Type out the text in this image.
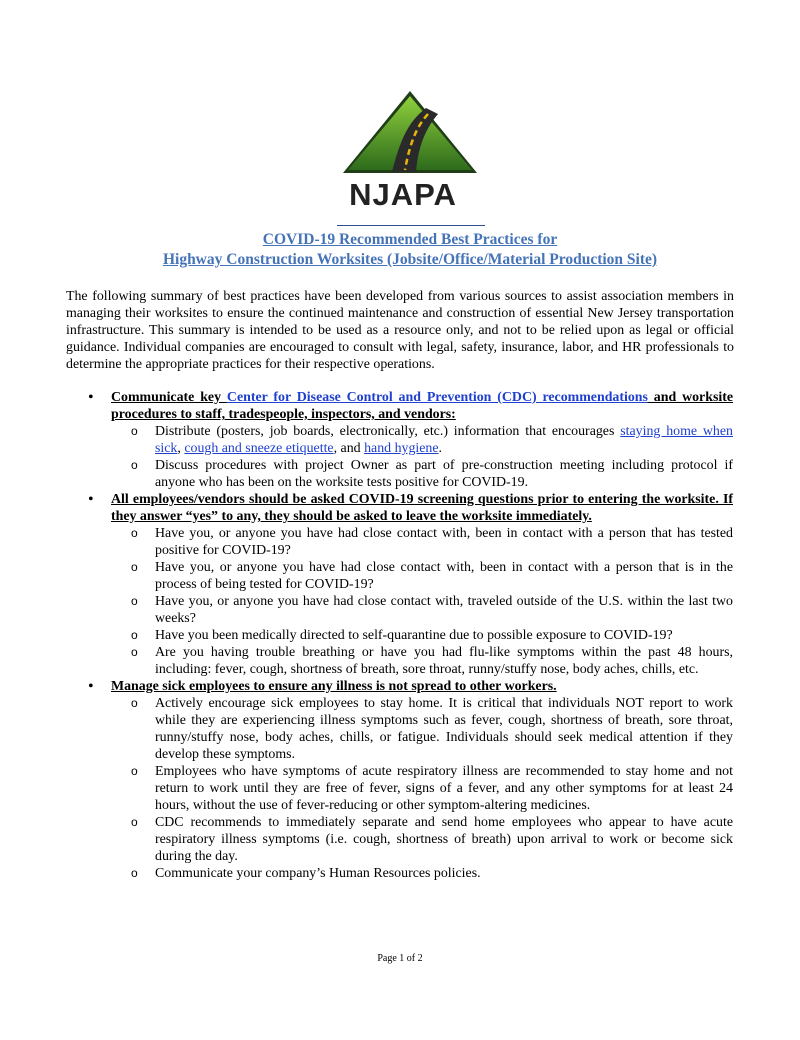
NJAPA
COVID-19 Recommended Best Practices for
Highway Construction Worksites (Jobsite/Office/Material Production Site)

The following summary of best practices have been developed from various sources to assist association members in managing their worksites to ensure the continued maintenance and construction of essential New Jersey transportation infrastructure. This summary is intended to be used as a resource only, and not to be relied upon as legal or official guidance. Individual companies are encouraged to consult with legal, safety, insurance, labor, and HR professionals to determine the appropriate practices for their respective operations.

• Communicate key Center for Disease Control and Prevention (CDC) recommendations and worksite procedures to staff, tradespeople, inspectors, and vendors:
o Distribute (posters, job boards, electronically, etc.) information that encourages staying home when sick, cough and sneeze etiquette, and hand hygiene.
o Discuss procedures with project Owner as part of pre-construction meeting including protocol if anyone who has been on the worksite tests positive for COVID-19.
• All employees/vendors should be asked COVID-19 screening questions prior to entering the worksite. If they answer “yes” to any, they should be asked to leave the worksite immediately.
o Have you, or anyone you have had close contact with, been in contact with a person that has tested positive for COVID-19?
o Have you, or anyone you have had close contact with, been in contact with a person that is in the process of being tested for COVID-19?
o Have you, or anyone you have had close contact with, traveled outside of the U.S. within the last two weeks?
o Have you been medically directed to self-quarantine due to possible exposure to COVID-19?
o Are you having trouble breathing or have you had flu-like symptoms within the past 48 hours, including: fever, cough, shortness of breath, sore throat, runny/stuffy nose, body aches, chills, etc.
• Manage sick employees to ensure any illness is not spread to other workers.
o Actively encourage sick employees to stay home. It is critical that individuals NOT report to work while they are experiencing illness symptoms such as fever, cough, shortness of breath, sore throat, runny/stuffy nose, body aches, chills, or fatigue. Individuals should seek medical attention if they develop these symptoms.
o Employees who have symptoms of acute respiratory illness are recommended to stay home and not return to work until they are free of fever, signs of a fever, and any other symptoms for at least 24 hours, without the use of fever-reducing or other symptom-altering medicines.
o CDC recommends to immediately separate and send home employees who appear to have acute respiratory illness symptoms (i.e. cough, shortness of breath) upon arrival to work or become sick during the day.
o Communicate your company’s Human Resources policies.
Page 1 of 2
